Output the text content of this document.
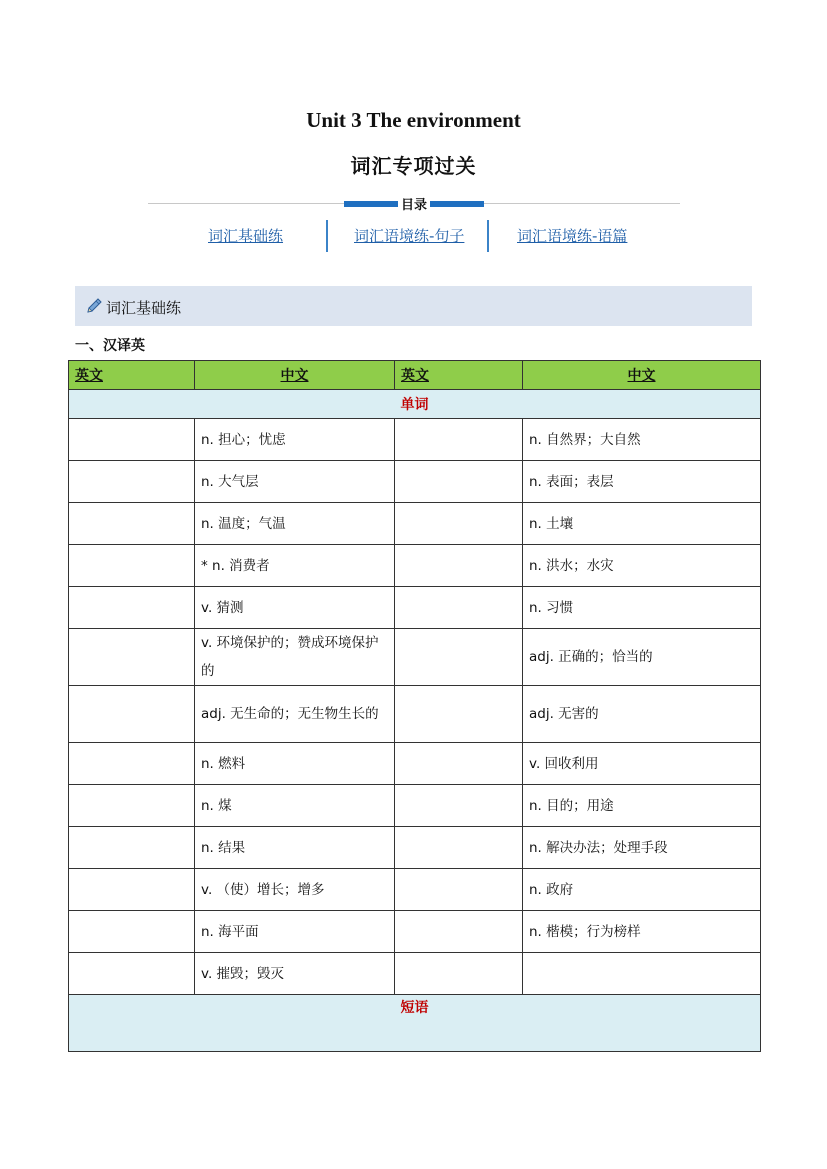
Unit 3 The environment
词汇专项过关
目录
词汇基础练	词汇语境练-句子	词汇语境练-语篇
词汇基础练
一、汉译英
英文	中文	英文	中文
单词			
	n. 担心；忧虑		n. 自然界；大自然
	n. 大气层		n. 表面；表层
	n. 温度；气温		n. 土壤
	* n. 消费者		n. 洪水；水灾
	v. 猜测		n. 习惯
	v. 环境保护的；赞成环境保护的		adj. 正确的；恰当的
	adj. 无生命的；无生物生长的		adj. 无害的
	n. 燃料		v. 回收利用
	n. 煤		n. 目的；用途
	n. 结果		n. 解决办法；处理手段
	v. （使）增长；增多		n. 政府
	n. 海平面		n. 楷模；行为榜样
	v. 摧毁；毁灭		
短语			
